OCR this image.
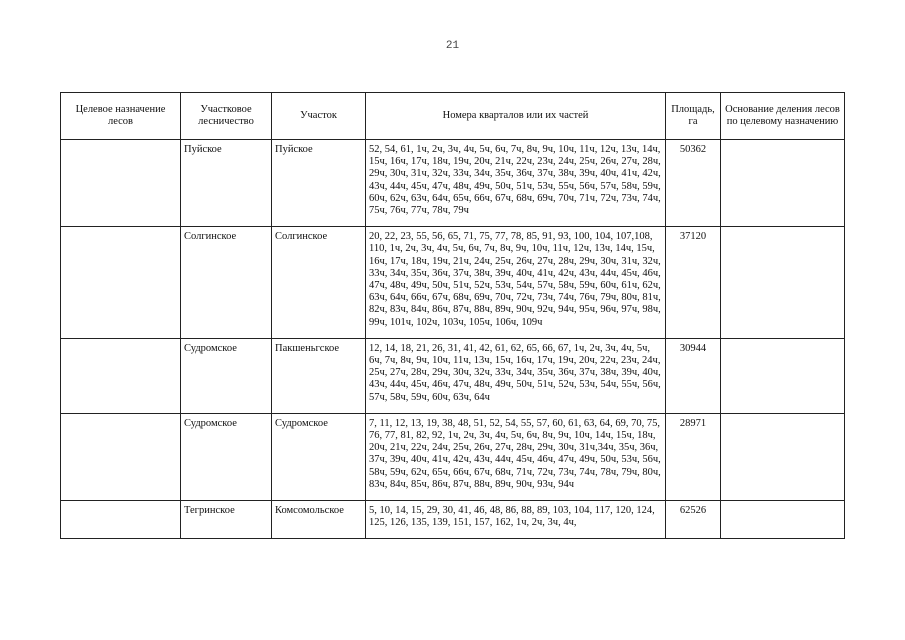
21
Целевое назначение лесов	Участковое лесничество	Участок	Номера кварталов или их частей	Площадь, га	Основание деления лесов по целевому назначению
	Пуйское	Пуйское	52, 54, 61, 1ч, 2ч, 3ч, 4ч, 5ч, 6ч, 7ч, 8ч, 9ч, 10ч, 11ч, 12ч, 13ч, 14ч, 15ч, 16ч, 17ч, 18ч, 19ч, 20ч, 21ч, 22ч, 23ч, 24ч, 25ч, 26ч, 27ч, 28ч, 29ч, 30ч, 31ч, 32ч, 33ч, 34ч, 35ч, 36ч, 37ч, 38ч, 39ч, 40ч, 41ч, 42ч, 43ч, 44ч, 45ч, 47ч, 48ч, 49ч, 50ч, 51ч, 53ч, 55ч, 56ч, 57ч, 58ч, 59ч, 60ч, 62ч, 63ч, 64ч, 65ч, 66ч, 67ч, 68ч, 69ч, 70ч, 71ч, 72ч, 73ч, 74ч, 75ч, 76ч, 77ч, 78ч, 79ч	50362	
	Солгинское	Солгинское	20, 22, 23, 55, 56, 65, 71, 75, 77, 78, 85, 91, 93, 100, 104, 107,108, 110, 1ч, 2ч, 3ч, 4ч, 5ч, 6ч, 7ч, 8ч, 9ч, 10ч, 11ч, 12ч, 13ч, 14ч, 15ч, 16ч, 17ч, 18ч, 19ч, 21ч, 24ч, 25ч, 26ч, 27ч, 28ч, 29ч, 30ч, 31ч, 32ч, 33ч, 34ч, 35ч, 36ч, 37ч, 38ч, 39ч, 40ч, 41ч, 42ч, 43ч, 44ч, 45ч, 46ч, 47ч, 48ч, 49ч, 50ч, 51ч, 52ч, 53ч, 54ч, 57ч, 58ч, 59ч, 60ч, 61ч, 62ч, 63ч, 64ч, 66ч, 67ч, 68ч, 69ч, 70ч, 72ч, 73ч, 74ч, 76ч, 79ч, 80ч, 81ч, 82ч, 83ч, 84ч, 86ч, 87ч, 88ч, 89ч, 90ч, 92ч, 94ч, 95ч, 96ч, 97ч, 98ч, 99ч, 101ч, 102ч, 103ч, 105ч, 106ч, 109ч	37120	
	Судромское	Пакшеньгское	12, 14, 18, 21, 26, 31, 41, 42, 61, 62, 65, 66, 67, 1ч, 2ч, 3ч, 4ч, 5ч, 6ч, 7ч, 8ч, 9ч, 10ч, 11ч, 13ч, 15ч, 16ч, 17ч, 19ч, 20ч, 22ч, 23ч, 24ч, 25ч, 27ч, 28ч, 29ч, 30ч, 32ч, 33ч, 34ч, 35ч, 36ч, 37ч, 38ч, 39ч, 40ч, 43ч, 44ч, 45ч, 46ч, 47ч, 48ч, 49ч, 50ч, 51ч, 52ч, 53ч, 54ч, 55ч, 56ч, 57ч, 58ч, 59ч, 60ч, 63ч, 64ч	30944	
	Судромское	Судромское	7, 11, 12, 13, 19, 38, 48, 51, 52, 54, 55, 57, 60, 61, 63, 64, 69, 70, 75, 76, 77, 81, 82, 92, 1ч, 2ч, 3ч, 4ч, 5ч, 6ч, 8ч, 9ч, 10ч, 14ч, 15ч, 18ч, 20ч, 21ч, 22ч, 24ч, 25ч, 26ч, 27ч, 28ч, 29ч, 30ч, 31ч,34ч, 35ч, 36ч, 37ч, 39ч, 40ч, 41ч, 42ч, 43ч, 44ч, 45ч, 46ч, 47ч, 49ч, 50ч, 53ч, 56ч, 58ч, 59ч, 62ч, 65ч, 66ч, 67ч, 68ч, 71ч, 72ч, 73ч, 74ч, 78ч, 79ч, 80ч, 83ч, 84ч, 85ч, 86ч, 87ч, 88ч, 89ч, 90ч, 93ч, 94ч	28971	
	Тегринское	Комсомольское	5, 10, 14, 15, 29, 30, 41, 46, 48, 86, 88, 89, 103, 104, 117, 120, 124, 125, 126, 135, 139, 151, 157, 162, 1ч, 2ч, 3ч, 4ч,	62526	
